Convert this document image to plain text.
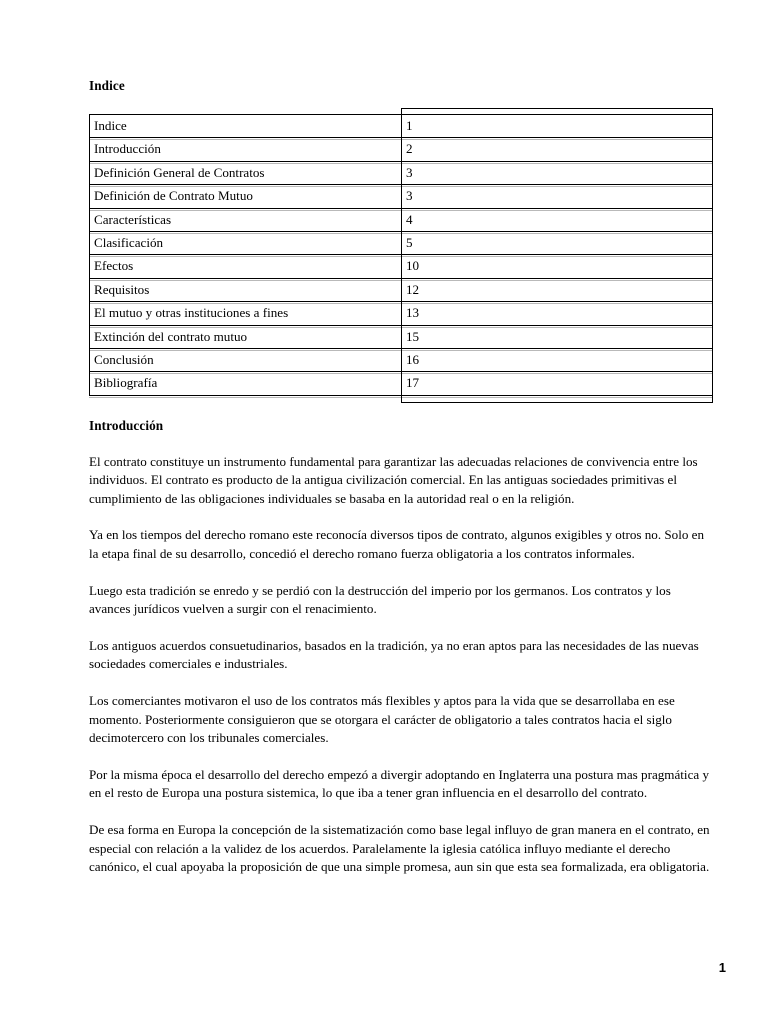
Indice
Indice	1
Introducción	2
Definición General de Contratos	3
Definición de Contrato Mutuo	3
Características	4
Clasificación	5
Efectos	10
Requisitos	12
El mutuo y otras instituciones a fines	13
Extinción del contrato mutuo	15
Conclusión	16
Bibliografía	17
Introducción

El contrato constituye un instrumento fundamental para garantizar las adecuadas relaciones de convivencia entre los individuos. El contrato es producto de la antigua civilización comercial. En las antiguas sociedades primitivas el cumplimiento de las obligaciones individuales se basaba en la autoridad real o en la religión.

Ya en los tiempos del derecho romano este reconocía diversos tipos de contrato, algunos exigibles y otros no. Solo en la etapa final de su desarrollo, concedió el derecho romano fuerza obligatoria a los contratos informales.

Luego esta tradición se enredo y se perdió con la destrucción del imperio por los germanos. Los contratos y los avances jurídicos vuelven a surgir con el renacimiento.

Los antiguos acuerdos consuetudinarios, basados en la tradición, ya no eran aptos para las necesidades de las nuevas sociedades comerciales e industriales.

Los comerciantes motivaron el uso de los contratos más flexibles y aptos para la vida que se desarrollaba en ese momento. Posteriormente consiguieron que se otorgara el carácter de obligatorio a tales contratos hacia el siglo decimotercero con los tribunales comerciales.

Por la misma época el desarrollo del derecho empezó a divergir adoptando en Inglaterra una postura mas pragmática y en el resto de Europa una postura sistemica, lo que iba a tener gran influencia en el desarrollo del contrato.

De esa forma en Europa la concepción de la sistematización como base legal influyo de gran manera en el contrato, en especial con relación a la validez de los acuerdos. Paralelamente la iglesia católica influyo mediante el derecho canónico, el cual apoyaba la proposición de que una simple promesa, aun sin que esta sea formalizada, era obligatoria.

1
